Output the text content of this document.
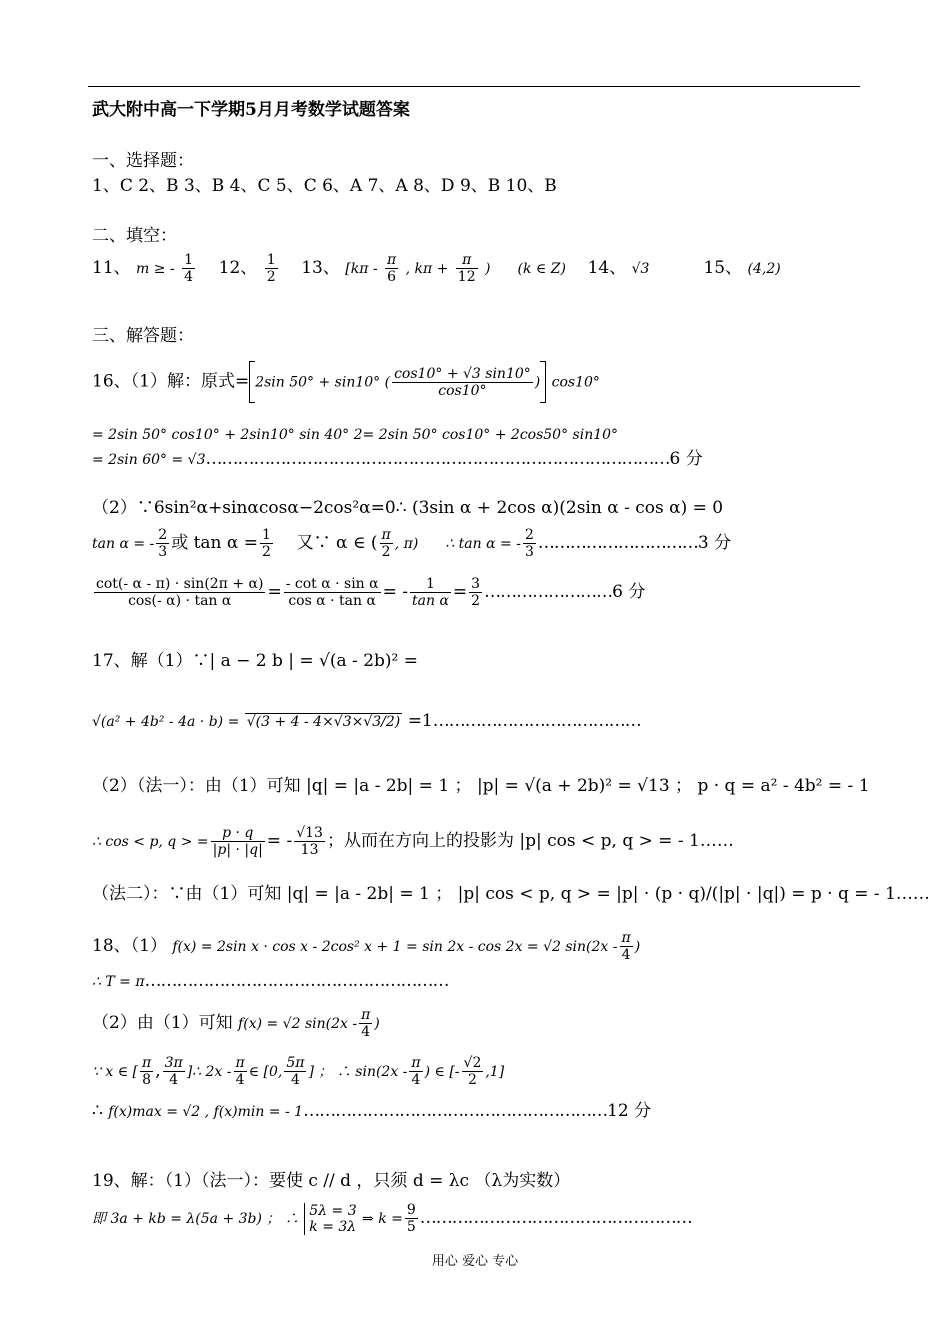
武大附中高一下学期5月月考数学试题答案
一、选择题：
1、C 2、B 3、B 4、C 5、C 6、A 7、A 8、D 9、B 10、B
二、填空：
11、 m ≥ - $\frac{1}{4} 12$、 $\frac{1}{2} 13$、 [$k\pi - \frac{\pi}{6}$ , $k\pi + \frac{\pi}{12}$ ) (k ∈ Z) 14、 √3	15、 (4,2)
三、解答题：
16、（1）解：原式= 2sin 50° + sin10° ( $\frac{\cos 10^\circ + √3 \sin 10^\circ}{\cos 10^\circ}$ ) cos10°
= 2sin 50° cos10° + 2sin10° sin 40° 2= 2sin 50° cos10° + 2cos50° sin10°
= 2sin 60° = √3……………………………………………………………………………6 分
（2）∵6sin²α+sinαcosα−2cos²α=0∴ (3sin α + 2cos α)(2sin α - cos α) = 0
tan α = - $\frac{2}{3}$ 或 $\tan \alpha = \frac{1}{2}$ 又∵ α ∈ ( $\frac{\pi}{2}$ , π) ∴ tan α = - $\frac{2}{3}$ …………………………3 分
$\frac{\cot(- \alpha - \pi) \cdot \sin(2\pi + \alpha)}{\text{cos(- α) · tan α}} = \frac{\text{- cot α · sin α}}{\text{cos α · tan α}}$ = - $\frac{1}{\text{tan α}} = \frac{3}{2}$ ……………………6 分
17、解（1）∵| a − 2 b | = √(a - 2b)² =
√(a² + 4b² - 4a · b) = √(3 + 4 - 4×√3×√3/2) =1…………………………………
（2）（法一）：由（1）可知 |q| = |a - 2b| = 1 ； |p| = √(a + 2b)² = √13 ； p · q = a² - 4b² = - 1
∴ cos < p, q > = $\frac{p \cdot q}{|p| \cdot |q|}$ = - $\frac{√13}{13}$ ；从而在方向上的投影为 |p| cos < p, q > = - 1……
（法二）：∵由（1）可知 |q| = |a - 2b| = 1 ； |p| cos < p, q > = |p| · (p · q)/(|p| · |q|) = p · q = - 1……
18、（1） f(x) = 2sin x · cos x - 2cos² x + 1 = sin 2x - cos 2x = √2 $\sin(2x - \frac{\pi}{4}$ )
∴ T = π…………………………………………………
（2）由（1）可知 f(x) = √2 $\sin(2x - \frac{\pi}{4}$ )
∵ x ∈ [ $\frac{\pi}{8}$ , $\frac{3\pi}{4}$ ]∴ $2x - \frac{\pi}{4}$ ∈ [0, $\frac{5\pi}{4}$ ] ； ∴ $\sin(2x - \frac{\pi}{4}$ ) ∈ [- $\frac{√2}{2} ,1$]
∴ f(x)max = √2 , f(x)min = - 1…………………………………………………12 分
19、解：（1）（法一）：要使 c // d ，只须 d = λc （λ为实数）
即 3a + kb = λ(5a + 3b) ； ∴
5λ = 3
k = 3λ ⇒ $k = \frac{9}{5}$ ……………………………………………
用心 爱心 专心
